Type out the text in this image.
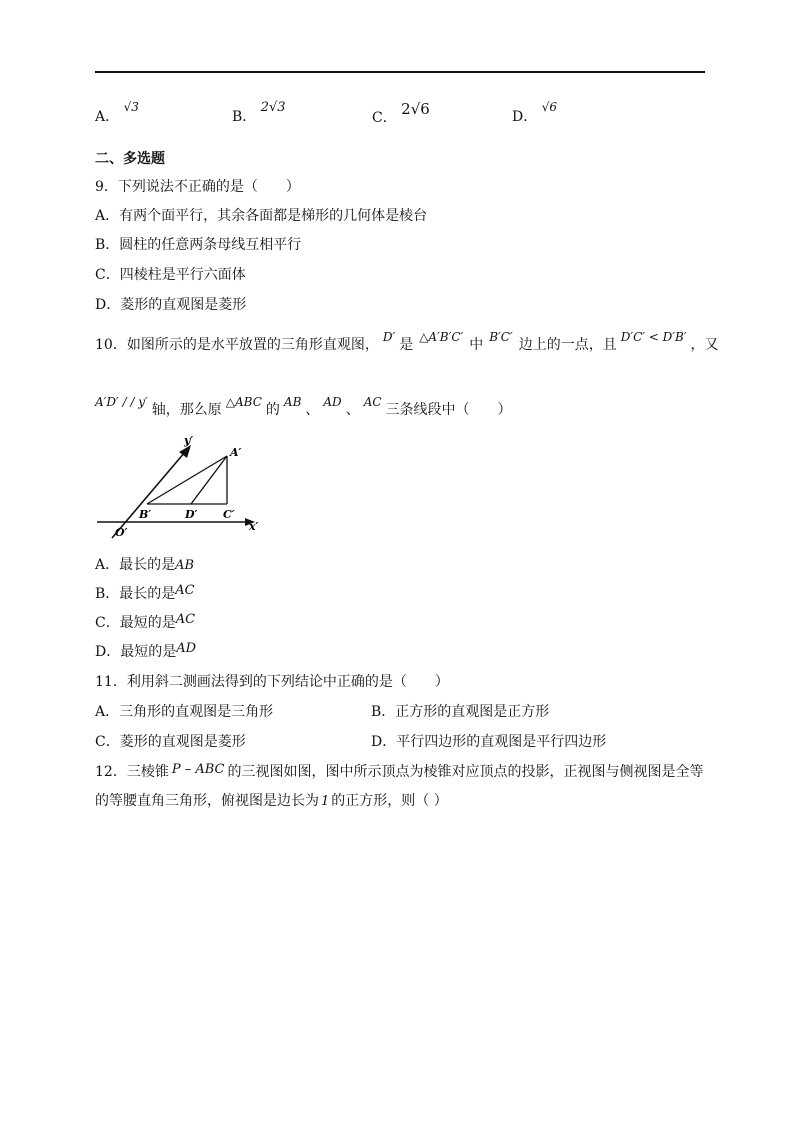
A． √3
B． 2√3
C． 2√6	D． √6
二、多选题
9．下列说法不正确的是（　　）
A．有两个面平行，其余各面都是梯形的几何体是棱台
B．圆柱的任意两条母线互相平行
C．四棱柱是平行六面体
D．菱形的直观图是菱形
10．如图所示的是水平放置的三角形直观图， D′ 是 △A′B′C′ 中 B′C′ 边上的一点，且 D′C′ < D′B′ ，又
A′D′ / / y′ 轴，那么原 △ABC 的 AB 、 AD 、 AC 三条线段中（　　）
y′
A′
B′	D′ C′
O′	x′
A．最长的是AB
B．最长的是AC
C．最短的是AC
D．最短的是AD
11．利用斜二测画法得到的下列结论中正确的是（　　）
A．三角形的直观图是三角形	B．正方形的直观图是正方形
C．菱形的直观图是菱形	D．平行四边形的直观图是平行四边形
12．三棱锥 P – ABC 的三视图如图，图中所示顶点为棱锥对应顶点的投影，正视图与侧视图是全等
的等腰直角三角形，俯视图是边长为 1 的正方形，则（ ）
